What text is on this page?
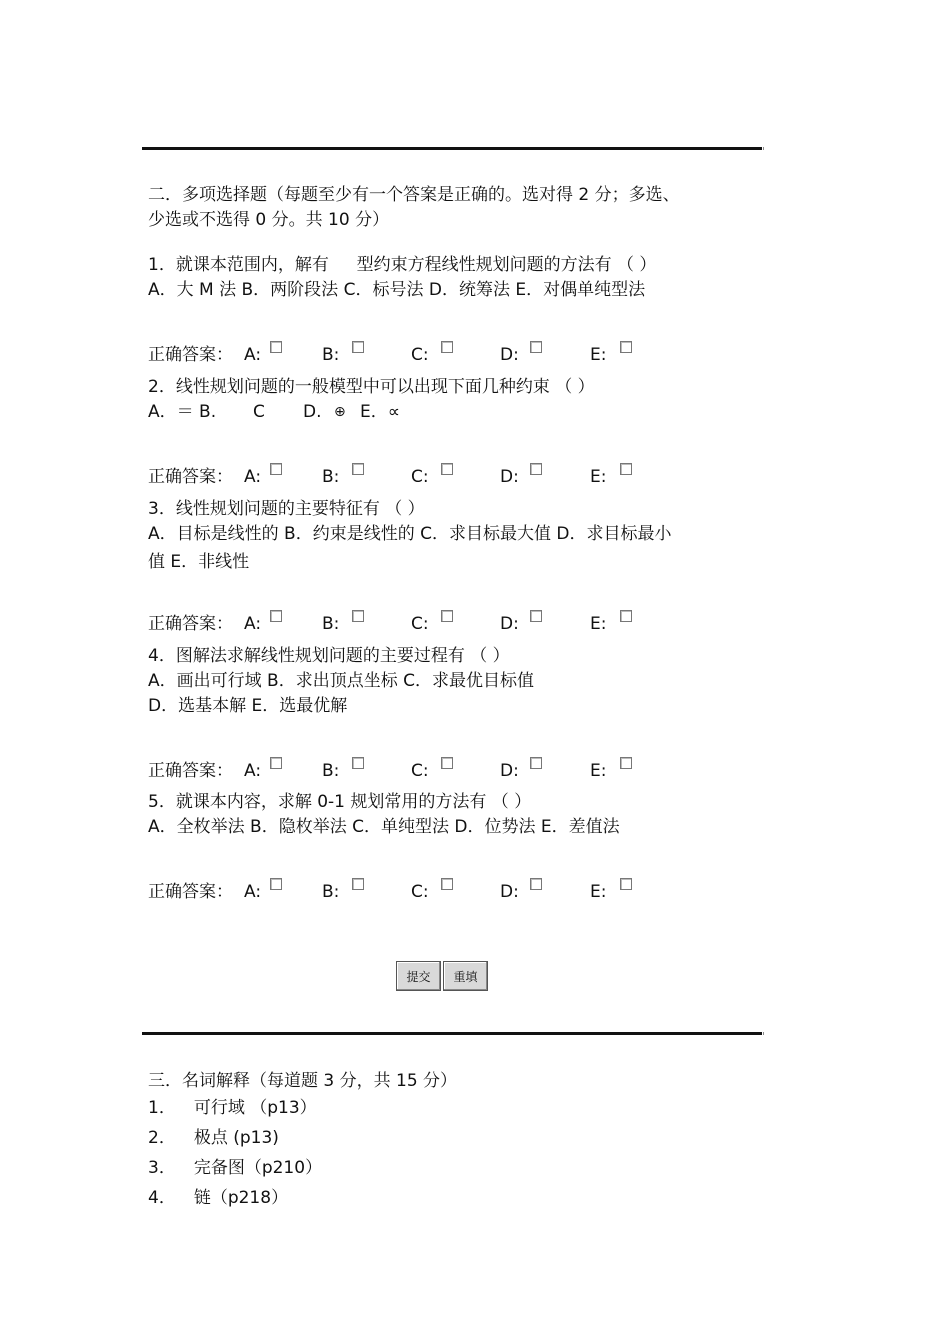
二．多项选择题（每题至少有一个答案是正确的。选对得 2 分；多选、
少选或不选得 0 分。共 10 分）
1．就课本范围内，解有 　 型约束方程线性规划问题的方法有 （ ）
A．大 M 法 B．两阶段法 C．标号法 D．统筹法 E．对偶单纯型法
正确答案： A:	B:	C:	D:	E:
2．线性规划问题的一般模型中可以出现下面几种约束 （ ）
A．＝ B. C D. ⊕ E．∝
正确答案： A:	B:	C:	D:	E:
3．线性规划问题的主要特征有 （ ）
A．目标是线性的 B．约束是线性的 C．求目标最大值 D．求目标最小
值 E．非线性
正确答案： A:	B:	C:	D:	E:
4．图解法求解线性规划问题的主要过程有 （ ）
A．画出可行域 B．求出顶点坐标 C．求最优目标值
D．选基本解 E．选最优解
正确答案： A:	B:	C:	D:	E:
5．就课本内容，求解 0-1 规划常用的方法有 （ ）
A．全枚举法 B．隐枚举法 C．单纯型法 D．位势法 E．差值法
正确答案： A:	B:	C:	D:	E:
提交	重填
三．名词解释（每道题 3 分，共 15 分）
1． 可行域 （p13）
2． 极点 (p13)
3． 完备图（p210）
4． 链（p218）
